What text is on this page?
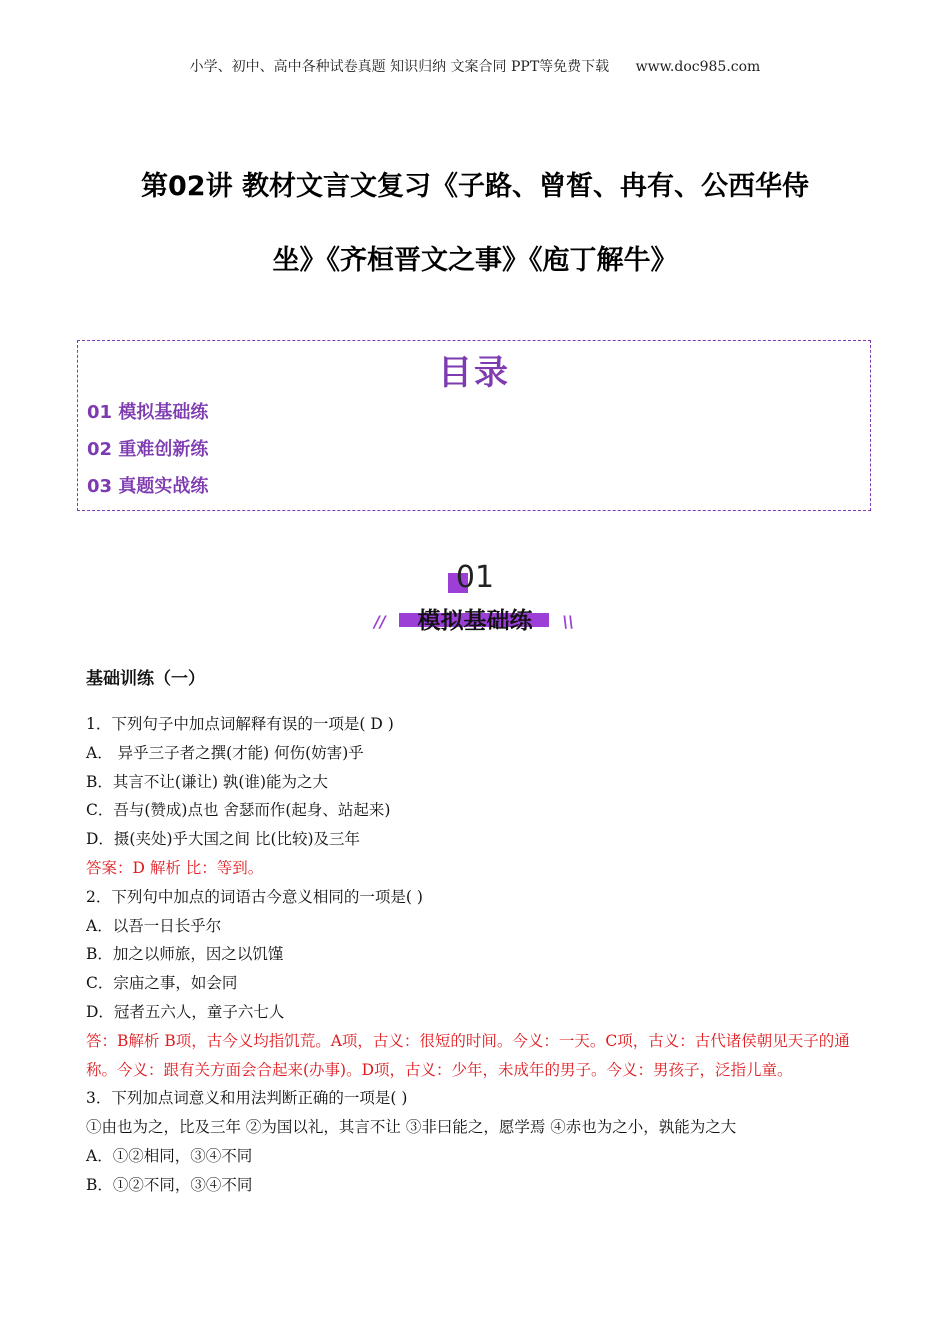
小学、初中、高中各种试卷真题 知识归纳 文案合同 PPT等免费下载 www.doc985.com
第02讲 教材文言文复习《子路、曾皙、冉有、公西华侍
坐》《齐桓晋文之事》《庖丁解牛》
目录
01 模拟基础练
02 重难创新练
03 真题实战练
01
模拟基础练
//	\\
基础训练（一）
1．下列句子中加点词解释有误的一项是( D )
A． 异乎三子者之撰(才能) 何伤(妨害)乎
B．其言不让(谦让) 孰(谁)能为之大
C．吾与(赞成)点也 舍瑟而作(起身、站起来)
D．摄(夹处)乎大国之间 比(比较)及三年
答案：D 解析 比：等到。
2．下列句中加点的词语古今意义相同的一项是( )
A．以吾一日长乎尔
B．加之以师旅，因之以饥馑
C．宗庙之事，如会同
D．冠者五六人，童子六七人
答：B解析 B项，古今义均指饥荒。A项，古义：很短的时间。今义：一天。C项，古义：古代诸侯朝见天子的通称。今义：跟有关方面会合起来(办事)。D项，古义：少年，未成年的男子。今义：男孩子，泛指儿童。
3．下列加点词意义和用法判断正确的一项是( )
①由也为之，比及三年 ②为国以礼，其言不让 ③非曰能之，愿学焉 ④赤也为之小，孰能为之大
A．①②相同，③④不同
B．①②不同，③④不同
